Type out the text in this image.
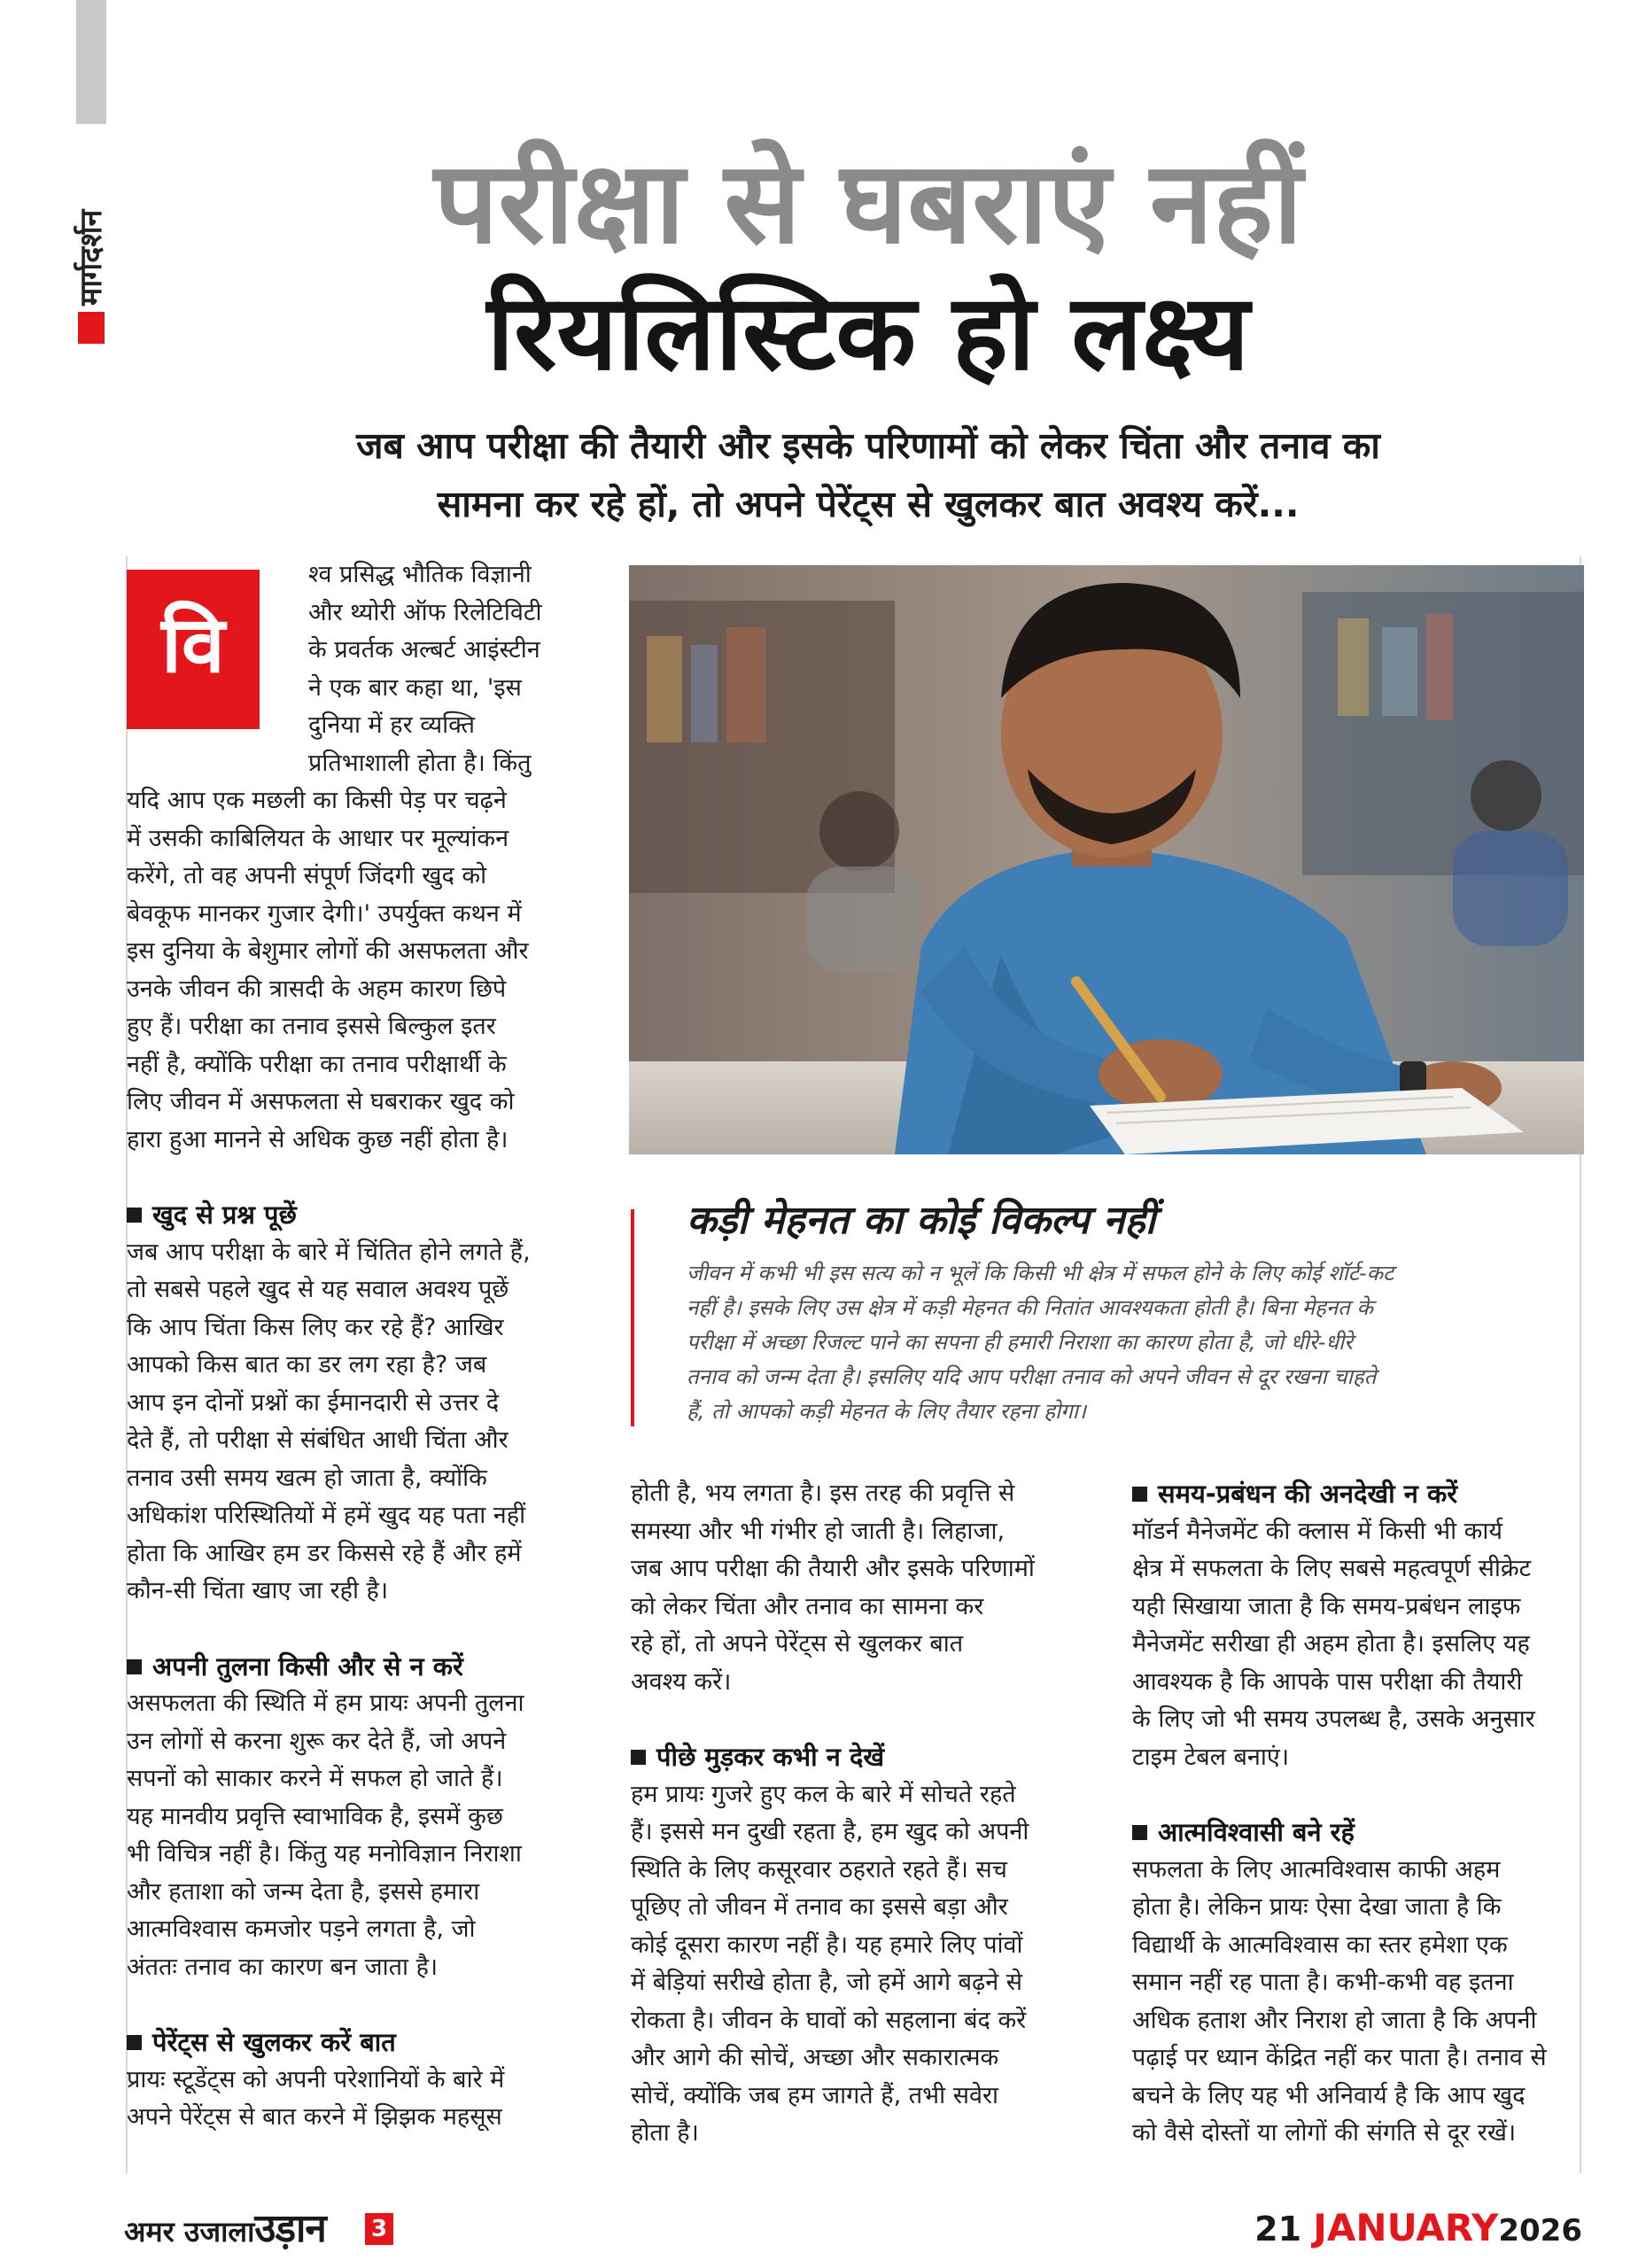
मार्गदर्शन	परीक्षा से घबराएं नहीं
रियलिस्टिक हो लक्ष्य
जब आप परीक्षा की तैयारी और इसके परिणामों को लेकर चिंता और तनाव का
सामना कर रहे हों, तो अपने पेरेंट्स से खुलकर बात अवश्य करें...
वि

श्व प्रसिद्ध भौतिक विज्ञानी

और थ्योरी ऑफ रिलेटिविटी

के प्रवर्तक अल्बर्ट आइंस्टीन

ने एक बार कहा था, 'इस

दुनिया में हर व्यक्ति

प्रतिभाशाली होता है। किंतु

यदि आप एक मछली का किसी पेड़ पर चढ़ने

में उसकी काबिलियत के आधार पर मूल्यांकन

करेंगे, तो वह अपनी संपूर्ण जिंदगी खुद को

बेवकूफ मानकर गुजार देगी।' उपर्युक्त कथन में

इस दुनिया के बेशुमार लोगों की असफलता और

उनके जीवन की त्रासदी के अहम कारण छिपे

हुए हैं। परीक्षा का तनाव इससे बिल्कुल इतर

नहीं है, क्योंकि परीक्षा का तनाव परीक्षार्थी के

लिए जीवन में असफलता से घबराकर खुद को

हारा हुआ मानने से अधिक कुछ नहीं होता है।

खुद से प्रश्न पूछें

जब आप परीक्षा के बारे में चिंतित होने लगते हैं,

तो सबसे पहले खुद से यह सवाल अवश्य पूछें

कि आप चिंता किस लिए कर रहे हैं? आखिर

आपको किस बात का डर लग रहा है? जब

आप इन दोनों प्रश्नों का ईमानदारी से उत्तर दे

देते हैं, तो परीक्षा से संबंधित आधी चिंता और

तनाव उसी समय खत्म हो जाता है, क्योंकि

अधिकांश परिस्थितियों में हमें खुद यह पता नहीं

होता कि आखिर हम डर किससे रहे हैं और हमें

कौन-सी चिंता खाए जा रही है।

अपनी तुलना किसी और से न करें

असफलता की स्थिति में हम प्रायः अपनी तुलना

उन लोगों से करना शुरू कर देते हैं, जो अपने

सपनों को साकार करने में सफल हो जाते हैं।

यह मानवीय प्रवृत्ति स्वाभाविक है, इसमें कुछ

भी विचित्र नहीं है। किंतु यह मनोविज्ञान निराशा

और हताशा को जन्म देता है, इससे हमारा

आत्मविश्वास कमजोर पड़ने लगता है, जो

अंततः तनाव का कारण बन जाता है।

पेरेंट्स से खुलकर करें बात

प्रायः स्टूडेंट्स को अपनी परेशानियों के बारे में

अपने पेरेंट्स से बात करने में झिझक महसूस

कड़ी मेहनत का कोई विकल्प नहीं
जीवन में कभी भी इस सत्य को न भूलें कि किसी भी क्षेत्र में सफल होने के लिए कोई शॉर्ट-कट
नहीं है। इसके लिए उस क्षेत्र में कड़ी मेहनत की नितांत आवश्यकता होती है। बिना मेहनत के
परीक्षा में अच्छा रिजल्ट पाने का सपना ही हमारी निराशा का कारण होता है, जो धीरे-धीरे
तनाव को जन्म देता है। इसलिए यदि आप परीक्षा तनाव को अपने जीवन से दूर रखना चाहते
हैं, तो आपको कड़ी मेहनत के लिए तैयार रहना होगा।

होती है, भय लगता है। इस तरह की प्रवृत्ति से

समस्या और भी गंभीर हो जाती है। लिहाजा,

जब आप परीक्षा की तैयारी और इसके परिणामों

को लेकर चिंता और तनाव का सामना कर

रहे हों, तो अपने पेरेंट्स से खुलकर बात

अवश्य करें।

पीछे मुड़कर कभी न देखें

हम प्रायः गुजरे हुए कल के बारे में सोचते रहते

हैं। इससे मन दुखी रहता है, हम खुद को अपनी

स्थिति के लिए कसूरवार ठहराते रहते हैं। सच

पूछिए तो जीवन में तनाव का इससे बड़ा और

कोई दूसरा कारण नहीं है। यह हमारे लिए पांवों

में बेड़ियां सरीखे होता है, जो हमें आगे बढ़ने से

रोकता है। जीवन के घावों को सहलाना बंद करें

और आगे की सोचें, अच्छा और सकारात्मक

सोचें, क्योंकि जब हम जागते हैं, तभी सवेरा

होता है।

समय-प्रबंधन की अनदेखी न करें

मॉडर्न मैनेजमेंट की क्लास में किसी भी कार्य

क्षेत्र में सफलता के लिए सबसे महत्वपूर्ण सीक्रेट

यही सिखाया जाता है कि समय-प्रबंधन लाइफ

मैनेजमेंट सरीखा ही अहम होता है। इसलिए यह

आवश्यक है कि आपके पास परीक्षा की तैयारी

के लिए जो भी समय उपलब्ध है, उसके अनुसार

टाइम टेबल बनाएं।

आत्मविश्वासी बने रहें

सफलता के लिए आत्मविश्वास काफी अहम

होता है। लेकिन प्रायः ऐसा देखा जाता है कि

विद्यार्थी के आत्मविश्वास का स्तर हमेशा एक

समान नहीं रह पाता है। कभी-कभी वह इतना

अधिक हताश और निराश हो जाता है कि अपनी

पढ़ाई पर ध्यान केंद्रित नहीं कर पाता है। तनाव से

बचने के लिए यह भी अनिवार्य है कि आप खुद

को वैसे दोस्तों या लोगों की संगति से दूर रखें।

अमर उजालाउड़ान 3	21 JANUARY2026
